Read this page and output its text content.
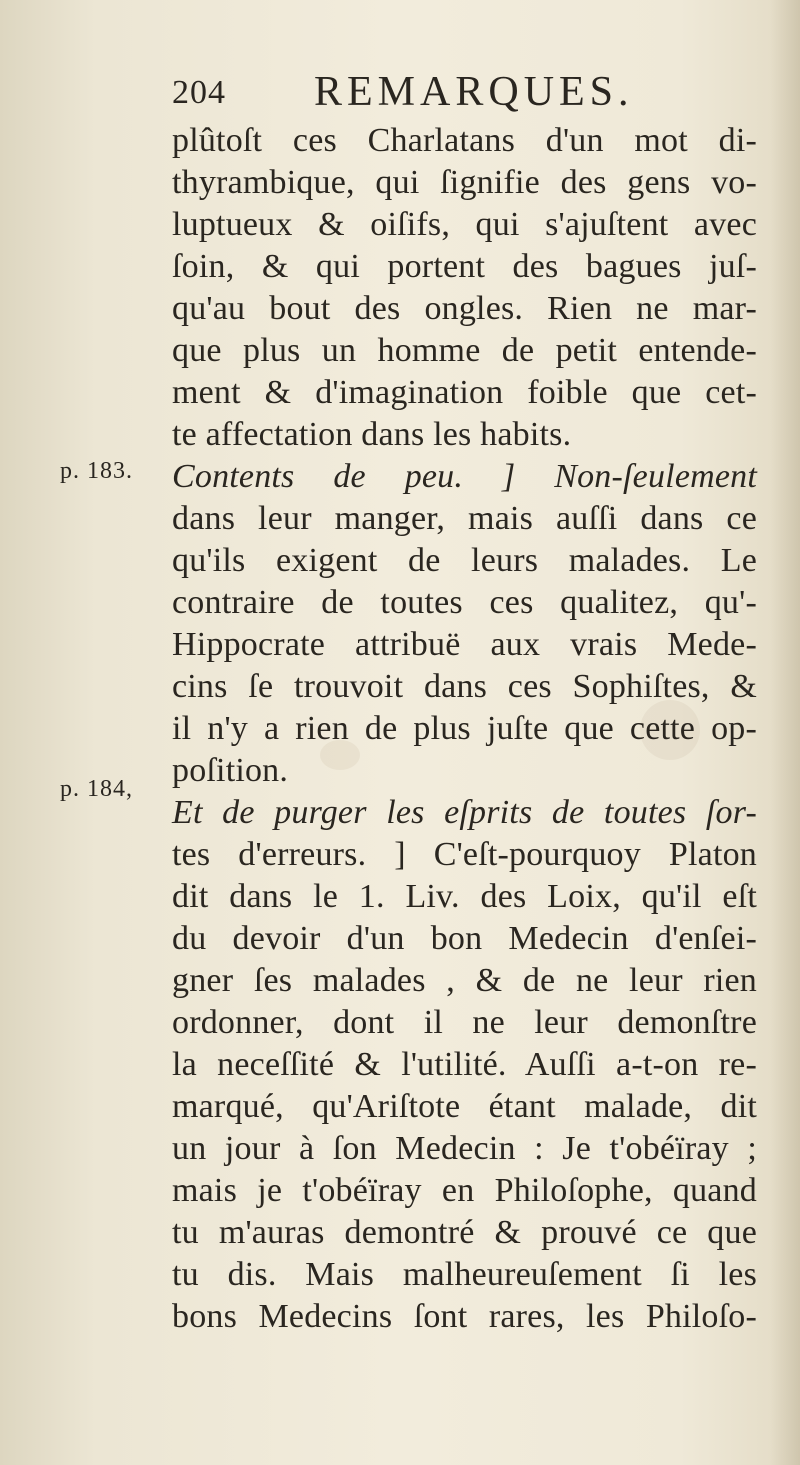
204 REMARQUES.
p. 183.
p. 184,
plûtoſt ces Charlatans d'un mot di-
thyrambique, qui ſignifie des gens vo-
luptueux & oiſifs, qui s'ajuſtent avec
ſoin, & qui portent des bagues juſ-
qu'au bout des ongles. Rien ne mar-
que plus un homme de petit entende-
ment & d'imagination foible que cet-
te affectation dans les habits.
Contents de peu. ] Non-ſeulement
dans leur manger, mais auſſi dans ce
qu'ils exigent de leurs malades. Le
contraire de toutes ces qualitez, qu'-
Hippocrate attribuë aux vrais Mede-
cins ſe trouvoit dans ces Sophiſtes, &
il n'y a rien de plus juſte que cette op-
poſition.
Et de purger les eſprits de toutes ſor-
tes d'erreurs. ] C'eſt-pourquoy Platon
dit dans le 1. Liv. des Loix, qu'il eſt
du devoir d'un bon Medecin d'enſei-
gner ſes malades , & de ne leur rien
ordonner, dont il ne leur demonſtre
la neceſſité & l'utilité. Auſſi a-t-on re-
marqué, qu'Ariſtote étant malade, dit
un jour à ſon Medecin : Je t'obéïray ;
mais je t'obéïray en Philoſophe, quand
tu m'auras demontré & prouvé ce que
tu dis. Mais malheureuſement ſi les
bons Medecins ſont rares, les Philoſo-
